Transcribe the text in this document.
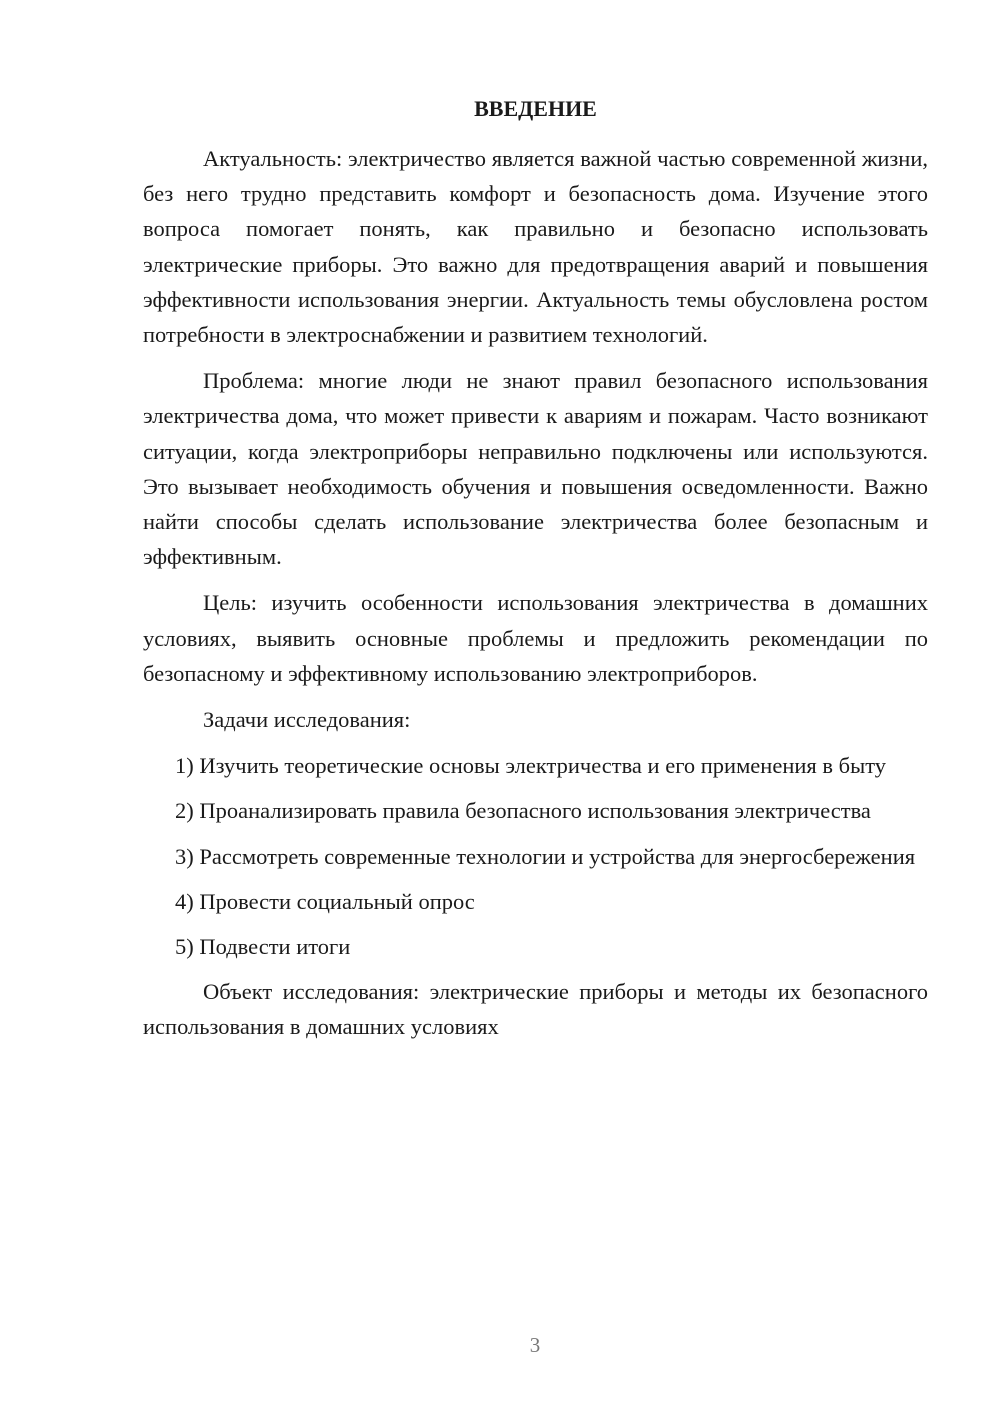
ВВЕДЕНИЕ

Актуальность: электричество является важной частью современной жизни, без него трудно представить комфорт и безопасность дома. Изучение этого вопроса помогает понять, как правильно и безопасно использовать электрические приборы. Это важно для предотвращения аварий и повышения эффективности использования энергии. Актуальность темы обусловлена ростом потребности в электроснабжении и развитием технологий.

Проблема: многие люди не знают правил безопасного использования электричества дома, что может привести к авариям и пожарам. Часто возникают ситуации, когда электроприборы неправильно подключены или используются. Это вызывает необходимость обучения и повышения осведомленности. Важно найти способы сделать использование электричества более безопасным и эффективным.

Цель: изучить особенности использования электричества в домашних условиях, выявить основные проблемы и предложить рекомендации по безопасному и эффективному использованию электроприборов.

Задачи исследования:

1) Изучить теоретические основы электричества и его применения в быту

2) Проанализировать правила безопасного использования электричества

3) Рассмотреть современные технологии и устройства для энергосбережения

4) Провести социальный опрос

5) Подвести итоги

Объект исследования: электрические приборы и методы их безопасного использования в домашних условиях

3
